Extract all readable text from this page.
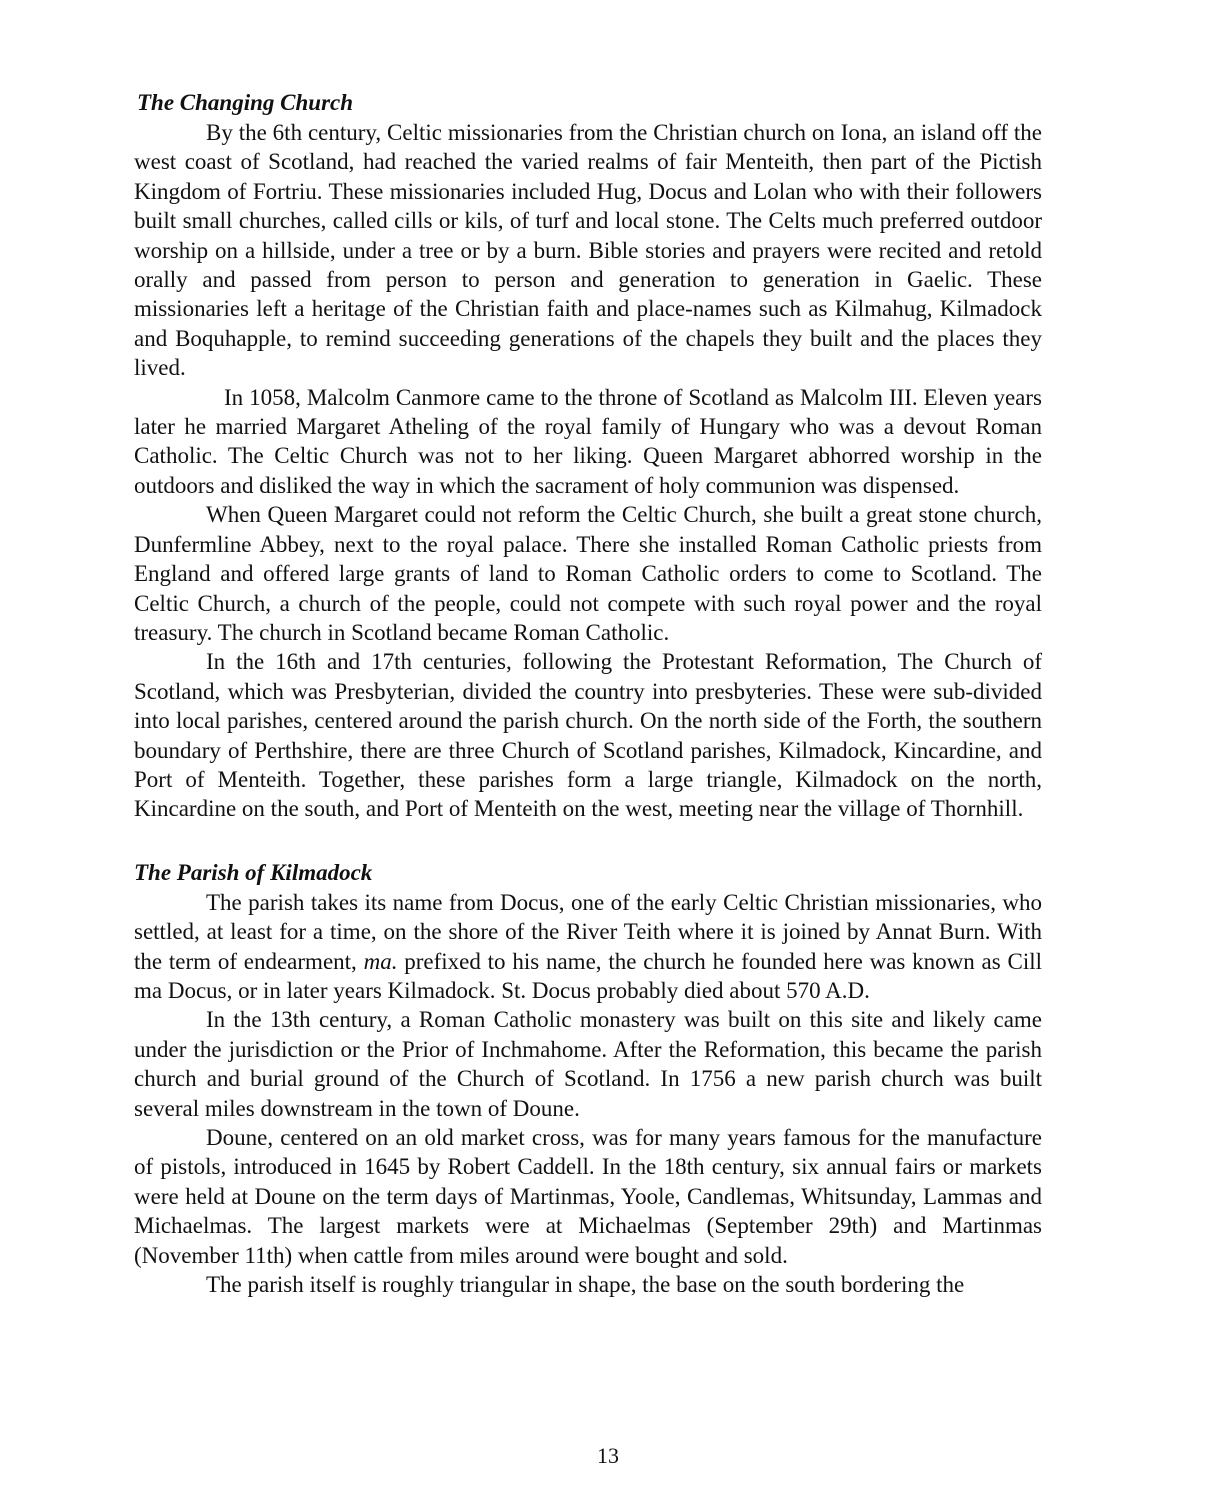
The Changing Church

By the 6th century, Celtic missionaries from the Christian church on Iona, an island off the west coast of Scotland, had reached the varied realms of fair Menteith, then part of the Pictish Kingdom of Fortriu. These missionaries included Hug, Docus and Lolan who with their followers built small churches, called cills or kils, of turf and local stone. The Celts much preferred outdoor worship on a hillside, under a tree or by a burn. Bible stories and prayers were recited and retold orally and passed from person to person and generation to generation in Gaelic. These missionaries left a heritage of the Christian faith and place-names such as Kilmahug, Kilmadock and Boquhapple, to remind succeeding generations of the chapels they built and the places they lived.

In 1058, Malcolm Canmore came to the throne of Scotland as Malcolm III. Eleven years later he married Margaret Atheling of the royal family of Hungary who was a devout Roman Catholic. The Celtic Church was not to her liking. Queen Margaret abhorred worship in the outdoors and disliked the way in which the sacrament of holy communion was dispensed.

When Queen Margaret could not reform the Celtic Church, she built a great stone church, Dunfermline Abbey, next to the royal palace. There she installed Roman Catholic priests from England and offered large grants of land to Roman Catholic orders to come to Scotland. The Celtic Church, a church of the people, could not compete with such royal power and the royal treasury. The church in Scotland became Roman Catholic.

In the 16th and 17th centuries, following the Protestant Reformation, The Church of Scotland, which was Presbyterian, divided the country into presbyteries. These were sub-divided into local parishes, centered around the parish church. On the north side of the Forth, the southern boundary of Perthshire, there are three Church of Scotland parishes, Kilmadock, Kincardine, and Port of Menteith. Together, these parishes form a large triangle, Kilmadock on the north, Kincardine on the south, and Port of Menteith on the west, meeting near the village of Thornhill.

The Parish of Kilmadock

The parish takes its name from Docus, one of the early Celtic Christian missionaries, who settled, at least for a time, on the shore of the River Teith where it is joined by Annat Burn. With the term of endearment, ma. prefixed to his name, the church he founded here was known as Cill ma Docus, or in later years Kilmadock. St. Docus probably died about 570 A.D.

In the 13th century, a Roman Catholic monastery was built on this site and likely came under the jurisdiction or the Prior of Inchmahome. After the Reformation, this became the parish church and burial ground of the Church of Scotland. In 1756 a new parish church was built several miles downstream in the town of Doune.

Doune, centered on an old market cross, was for many years famous for the manufacture of pistols, introduced in 1645 by Robert Caddell. In the 18th century, six annual fairs or markets were held at Doune on the term days of Martinmas, Yoole, Candlemas, Whitsunday, Lammas and Michaelmas. The largest markets were at Michaelmas (September 29th) and Martinmas (November 11th) when cattle from miles around were bought and sold.

The parish itself is roughly triangular in shape, the base on the south bordering the

13
